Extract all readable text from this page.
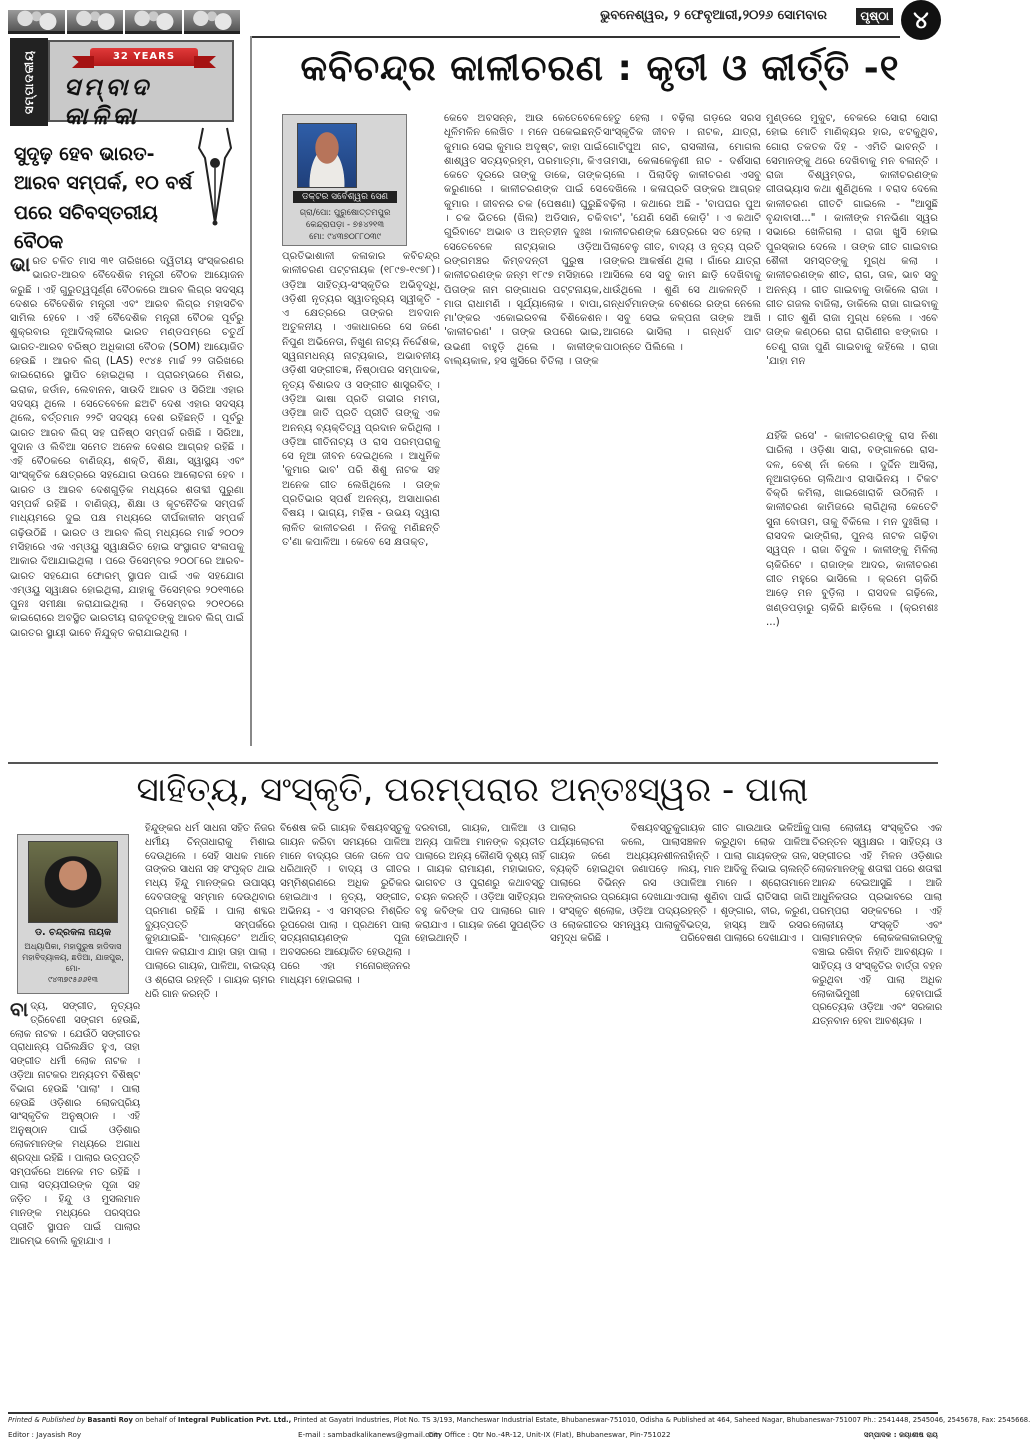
ସମ୍ପାଦକୀୟ	32 YEARS
ସମ୍ବାଦ କାଳିକା
ଭୁବନେଶ୍ୱର, ୨ ଫେବୃଆରୀ,୨୦୨୬ ସୋମବାର	ପୃଷ୍ଠା	୪
ସୁଦୃଢ଼ ହେବ ଭାରତ-ଆରବ ସମ୍ପର୍କ, ୧୦ ବର୍ଷ ପରେ ସଚିବସ୍ତରୀୟ ବୈଠକ
ଭାରତ ଚଳିତ ମାସ ୩୧ ତାରିଖରେ ଦ୍ୱିତୀୟ ସଂସ୍କରଣର ଭାରତ-ଆରବ ବୈଦେଶିକ ମନ୍ତ୍ରୀ ବୈଠକ ଆୟୋଜନ କରୁଛି । ଏହି ଗୁରୁତ୍ୱପୂର୍ଣ୍ଣ ବୈଠକରେ ଆରବ ଲିଗ୍ର ସଦସ୍ୟ ଦେଶର ବୈଦେଶିକ ମନ୍ତ୍ରୀ ଏବଂ ଆରବ ଲିଗ୍ର ମହାସଚିବ ସାମିଲ ହେବେ । ଏହି ବୈଦେଶିକ ମନ୍ତ୍ରୀ ବୈଠକ ପୂର୍ବରୁ ଶୁକ୍ରବାର ନୂଆଦିଲ୍ଲୀର ଭାରତ ମଣ୍ଡପମ୍‌ରେ ଚତୁର୍ଥ ଭାରତ-ଆରବ ବରିଷ୍ଠ ଅଧିକାରୀ ବୈଠକ (SOM) ଆୟୋଜିତ ହେଉଛି । ଆରବ ଲିଗ୍ (LAS) ୧୯୪୫ ମାର୍ଚ୍ଚ ୨୨ ତାରିଖରେ କାଇରୋରେ ସ୍ଥାପିତ ହୋଇଥିଲା । ପ୍ରାରମ୍ଭରେ ମିଶର, ଇରାକ, ଜର୍ଡାନ, ଲେବାନନ, ସାଉଦି ଆରବ ଓ ସିରିଆ ଏହାର ସଦସ୍ୟ ଥିଲେ । ସେତେବେଳେ ଛଅଟି ଦେଶ ଏହାର ସଦସ୍ୟ ଥିଲେ, ବର୍ତ୍ତମାନ ୨୨ଟି ସଦସ୍ୟ ଦେଶ ରହିଛନ୍ତି । ପୂର୍ବରୁ ଭାରତ ଆରବ ଲିଗ୍ ସହ ଘନିଷ୍ଠ ସମ୍ପର୍କ ରଖିଛି । ସିରିଆ, ସୁଦାନ ଓ ଲିବିଆ ସମେତ ଅନେକ ଦେଶର ଆଗ୍ରହ ରହିଛି । ଏହି ବୈଠକରେ ବାଣିଜ୍ୟ, ଶକ୍ତି, ଶିକ୍ଷା, ସ୍ୱାସ୍ଥ୍ୟ ଏବଂ ସାଂସ୍କୃତିକ କ୍ଷେତ୍ରରେ ସହଯୋଗ ଉପରେ ଆଲୋଚନା ହେବ । ଭାରତ ଓ ଆରବ ଦେଶଗୁଡ଼ିକ ମଧ୍ୟରେ ଶତାବ୍ଦୀ ପୁରୁଣା ସମ୍ପର୍କ ରହିଛି । ବାଣିଜ୍ୟ, ଶିକ୍ଷା ଓ କୂଟନୈତିକ ସମ୍ପର୍କ ମାଧ୍ୟମରେ ଦୁଇ ପକ୍ଷ ମଧ୍ୟରେ ଦୀର୍ଘକାଳୀନ ସମ୍ପର୍କ ଗଢ଼ିଉଠିଛି । ଭାରତ ଓ ଆରବ ଲିଗ୍ ମଧ୍ୟରେ ମାର୍ଚ୍ଚ ୨୦୦୨ ମସିହାରେ ଏକ ଏମ୍ଓୟୁ ସ୍ୱାକ୍ଷରିତ ହୋଇ ସଂସ୍ଥାଗତ ସଂଳାପକୁ ଆକାର ଦିଆଯାଇଥିଲା । ପରେ ଡିସେମ୍ବର ୨୦୦୮ରେ ଆରବ-ଭାରତ ସହଯୋଗ ଫୋରମ୍ ସ୍ଥାପନ ପାଇଁ ଏକ ସହଯୋଗ ଏମ୍ଓୟୁ ସ୍ୱାକ୍ଷର ହୋଇଥିଲା, ଯାହାକୁ ଡିସେମ୍ବର ୨୦୧୩ରେ ପୁନଃ ସମୀକ୍ଷା କରାଯାଇଥିଲା । ଡିସେମ୍ବର ୨୦୧୦ରେ କାଇରୋରେ ଅବସ୍ଥିତ ଭାରତୀୟ ରାଜଦୂତଙ୍କୁ ଆରବ ଲିଗ୍ ପାଇଁ ଭାରତର ସ୍ଥାୟୀ ଭାବେ ନିଯୁକ୍ତ କରାଯାଇଥିଲା ।
କବିଚନ୍ଦ୍ର କାଳୀଚରଣ : କୃତୀ ଓ କୀର୍ତ୍ତି -୧
ଡକ୍ଟର ସର୍ବେଶ୍ୱର ସେଣ
ଗ୍ରା/ପୋ: ପୁରୁଷୋତ୍ତମପୁର
କେନ୍ଦ୍ରାପଡ଼ା - ୭୫୪୨୧୩
ମୋ: ୯୪୩୭୦୮୮୦୩୯
ପ୍ରତିଭାଶାଳୀ କଳାକାର କବିଚନ୍ଦ୍ର କାଳୀଚରଣ ପଟ୍ଟନାୟକ (୧୮୯୭-୧୯୭୮)। ଓଡ଼ିଆ ସାହିତ୍ୟ-ସଂସ୍କୃତିର ଅଭିବୃଦ୍ଧି, ଓଡ଼ିଶୀ ନୃତ୍ୟର ସ୍ୱାତନ୍ତ୍ର୍ୟ ସ୍ୱୀକୃତି - ଏ କ୍ଷେତ୍ରରେ ତାଙ୍କର ଅବଦାନ ଅତୁଳନୀୟ । ଏକାଧାରରେ ସେ ଜଣେ ନିପୁଣ ଅଭିନେତା, ନିଖୁଣ ନାଟ୍ୟ ନିର୍ଦ୍ଦେଶକ, ସ୍ୱନାମଧନ୍ୟ ନାଟ୍ୟକାର, ଅଭାବନୀୟ ଓଡ଼ିଶୀ ସଙ୍ଗୀତଜ୍ଞ, ନିଷ୍ଠାପର ସମ୍ପାଦକ, ନୃତ୍ୟ ବିଶାରଦ ଓ ସଙ୍ଗୀତ ଶାସ୍ତ୍ରବିତ୍ । ଓଡ଼ିଆ ଭାଷା ପ୍ରତି ଗଭୀର ମମତା, ଓଡ଼ିଆ ଜାତି ପ୍ରତି ପ୍ରୀତି ତାଙ୍କୁ ଏକ ଅନନ୍ୟ ବ୍ୟକ୍ତିତ୍ୱ ପ୍ରଦାନ କରିଥିଲା । ଓଡ଼ିଆ ଗୀତିନାଟ୍ୟ ଓ ରାସ ପରମ୍ପରାକୁ ସେ ନୂଆ ଜୀବନ ଦେଇଥିଲେ । ଆଧୁନିକ 'କୁମାର ଭାବ' ପରି ଶିଶୁ ନାଟକ ସହ ଅନେକ ଗୀତ ଲେଖିଥିଲେ । ତାଙ୍କ ପ୍ରତିଭାର ସ୍ପର୍ଶ ଅନନ୍ୟ, ଅସାଧାରଣ ବିଷୟ । ଭାଗ୍ୟ, ମହିଷ - ଉଭୟ ଦ୍ୱାରା ଲାଳିତ କାଳୀଚରଣ । ନିଜକୁ ମଣିଛନ୍ତି ତ'ଣା କପାଳିଆ । କେବେ ସେ କ୍ଷତାକ୍ତ,
କେବେ ଅବସନ୍ନ, ଆଉ କେତେବେଳେ ଧୂଳିମଳିନ ଲେଖିତ । ମନେ ପକେଇଛନ୍ତି କୁମାର ସେଇ କୁମାର ଅଦୃଷ୍ଟ, କାହା ପାଇଁ ଶାଶ୍ୱତ ସତ୍ୟବ୍ରହ୍ମ, ପରମାତ୍ମା, କିଏ କେତେ ଦୂରରେ ତାଙ୍କୁ ଡାକେ, ତାଙ୍କ କରୁଣାରେ । କାଳୀଚରଣଙ୍କ ପାଇଁ ସେ କୁମାର । ଜୀବନର ଚକ (ପେଷଣା) ଘୁରୁଛି । ଚକ ଭିତରେ (ଖିଲ) ଅଡିସାନ, ଚକି ଗୁରିବାଟେ ଅଭାବ ଓ ଅନ୍ତହୀନ ଦୁଃଖ । ସେତେବେଳେ ନାଟ୍ୟକାର ଓଡ଼ିଆ ରଙ୍ଗମଞ୍ଚର କିମ୍ବଦନ୍ତୀ ପୁରୁଷ । କାଳୀଚରଣଙ୍କ ଜନ୍ମ ୧୮୯୭ ମସିହାରେ । ପିତାଙ୍କ ନାମ ଗଙ୍ଗାଧର ପଟ୍ଟନାୟକ, ମାତା ରାଧାମଣି । ସୂର୍ଯ୍ୟାଲୋକ । ବାପା, ମା'ଙ୍କର ଏକୋଇରବଳା ବିଶିକେଶନ 'କାଳୀଚରଣ' । ତାଙ୍କ ଉପରେ ଭାଇ, ଉଭଣୀ ବାହୁଡ଼ି ଥିଲେ । କାଳୀଙ୍କ ବାଲ୍ୟକାଳ, ହସ ଖୁସିରେ ବିତିଲା । ତାଙ୍କ
ହେତୁ ହେଲା । ବଢ଼ିଲା ଗଡ଼ରେ ସରସ ସାଂସ୍କୃତିକ ଜୀବନ । ନାଟକ, ଯାତ୍ରା, ଗୋଟିପୁଅ ନାଚ, ରାସଲୀଳା, ମୋଗଲ ତାମସା, କେଳାକେଳୁଣୀ ନାଚ - ଦର୍ଶସାରା ଚାଲେ । ପିଲାଦିନୁ କାଳୀଚରଣ ଏସବୁ ଦେଖିଲେ । କଳାପ୍ରତି ତାଙ୍କର ଆଗ୍ରହ ବଢ଼ିଲା । କଥାରେ ଅଛି - 'ବାପଘର ପୁଅ ବାଟ', 'ଯେଣି ସେଣି କୋଡ଼ି' । ଏ କଥାଟି କାଳୀଚରଣଙ୍କ କ୍ଷେତ୍ରରେ ସତ ହେଲା । ପିଲାବେଳୁ ଗୀତ, ବାଦ୍ୟ ଓ ନୃତ୍ୟ ପ୍ରତି ତାଙ୍କର ଆକର୍ଷଣ ଥିଲା । ଗାଁରେ ଯାତ୍ରା ଆସିଲେ ସେ ସବୁ କାମ ଛାଡ଼ି ଦେଖିବାକୁ ଧାଉଁଥିଲେ । ଶୁଣି ସେ ଥାକଳନ୍ତି । ଗନ୍ଧର୍ବମାନଙ୍କ ବେଶରେ ରଙ୍ଗ ନେଲେ । ସବୁ ସେଇ କଳ୍ପନା ତାଙ୍କ ଆଖି ଆଗରେ ଭାସିଲା । ଗନ୍ଧର୍ବ ପାଟ ପାଠାନ୍ତେ ପିଲିଲେ ।
ମୁଣ୍ଡରେ ମୁକୁଟ, ବେକରେ ସୋରା ସୋରା ହୋଇ ମୋତି ମାଣିକ୍ୟର ହାର, ଝଟକୁଥିବ, ଗୋରା ତକତକ ଦିହ - ଏମିତି ଭାବନ୍ତି । ସେମାନଙ୍କୁ ଥରେ ଦେଖିବାକୁ ମନ ବଳାନ୍ତି । ରାଜା ବିଶ୍ୱମ୍ବର, କାଳୀଚରଣଙ୍କ ଗୀତାଭ୍ୟାସ କଥା ଶୁଣିଥିଲେ । ବରାଦ ଦେଲେ କାଳୀଚରଣ ଗୀତଟି ଗାଇଲେ - "ଆସୁଛି ବୃନ୍ଦାବାସୀ..." । କାଳୀଙ୍କ ମନଭିଣା ସ୍ୱର ସଭାରେ ଖେଳିଗଲା । ରାଜା ଖୁସି ହୋଇ ପୁରସ୍କାର ଦେଲେ । ତାଙ୍କ ଗୀତ ଗାଇବାର ଶୈଳୀ ସମସ୍ତଙ୍କୁ ମୁଗ୍ଧ କଲା । କାଳୀଚରଣଙ୍କ ଶୀତ, ରାଗ, ତାଳ, ଭାବ ସବୁ ଅନନ୍ୟ । ଗୀତ ଗାଇବାକୁ ଡାକିଲେ ରାଜା । ଗୀତ ଗଜଲ ବାଜିଲା, ଡାକିଲେ ରାଜା ଗାଇବାକୁ । ଗୀତ ଶୁଣି ରାଜା ମୁଗ୍ଧ ହେଲେ । ଏବେ ତାଙ୍କ କଣ୍ଠରେ ରାଗ ରାଗିଣୀର ଝଙ୍କାର । ତେଣୁ ରାଜା ପୁଣି ଗାଇବାକୁ କହିଲେ । ରାଜା 'ଯାହା ମନ
ଯହିଁକି ରସେ' - କାଳୀଚରଣଙ୍କୁ ରାସ ନିଶା ଘାରିଲା । ଓଡ଼ିଶା ସାରା, ବଙ୍ଗାଳରେ ରାସ-ଦଳ, ବେଶ୍ ନାଁ କଲେ । ଦୁର୍ଦ୍ଦିନ ଆସିଲା, ନୂଆଗଡ଼ରେ ଚାଲିଥାଏ ରାସାଭିନୟ । ଟିକଟ ବିକ୍ରି କମିଲା, ଖାଇଖୋରାକି ଉଠିଲାନି । କାଳୀଚରଣ କାମିଜରେ ଲାଗିଥିଲା କେତେଟି ସୁନା ବୋତାମ, ତାକୁ ବିକିଲେ । ମନ ଦୁଃଖିଲା । ରାସଦଳ ଭାଙ୍ଗିଲା, ପୁନଶ୍ଚ ନାଟକ ଗଢ଼ିବା ସ୍ୱପ୍ନ । ରାଜା ବିଦୁଳ । କାଳୀଙ୍କୁ ମିଳିଲା ଚାକିରିଟେ । ରାଜାଙ୍କ ଆଦର, କାଳୀଚରଣ ଗୀତ ମହୁରେ ଭାସିଲେ । କ୍ରମେ ଚାକିରି ଆଡ଼େ ମନ ବୁଡ଼ିଲା । ରାସଦଳ ଗଢ଼ିଲେ, ଖଣ୍ଡପଡ଼ାରୁ ଚାକିରି ଛାଡ଼ିଲେ । (କ୍ରମଶଃ ...)
ସାହିତ୍ୟ, ସଂସ୍କୃତି, ପରମ୍ପରାର ଅନ୍ତଃସ୍ୱର - ପାଲା
ଡ. ଚନ୍ଦ୍ରକଳା ନାୟକ
ଅଧ୍ୟାପିକା, ମହାପୁରୁଷ ହାଡିଦାସ ମହାବିଦ୍ୟାଳୟ, ଛଡିଆ, ଯାଜପୁର, ମୋ-
୯୪୩୭୯୫୬୬୧୩
ବାଦ୍ୟ, ସଙ୍ଗୀତ, ନୃତ୍ୟର ତ୍ରିବେଣୀ ସଙ୍ଗମ ହେଉଛି, ଲୋକ ନାଟକ । ଯେଉଁଠି ସଙ୍ଗୀତର ପ୍ରାଧାନ୍ୟ ପରିଲକ୍ଷିତ ହୁଏ, ତାହା ସଙ୍ଗୀତ ଧର୍ମୀ ଲୋକ ନାଟକ । ଓଡ଼ିଆ ନାଟକର ଅନ୍ୟତମ ବିଶିଷ୍ଟ ବିଭାଗ ହେଉଛି 'ପାଲା' । ପାଲା ହେଉଛି ଓଡ଼ିଶାର ଲୋକପ୍ରିୟ ସାଂସ୍କୃତିକ ଅନୁଷ୍ଠାନ । ଏହି ଅନୁଷ୍ଠାନ ପାଇଁ ଓଡ଼ିଶାର ଲୋକମାନଙ୍କ ମଧ୍ୟରେ ଅଗାଧ ଶ୍ରଦ୍ଧା ରହିଛି । ପାଲାର ଉତ୍ପତ୍ତି ସମ୍ପର୍କରେ ଅନେକ ମତ ରହିଛି । ପାଲା ସତ୍ୟପୀରଙ୍କ ପୂଜା ସହ ଜଡ଼ିତ । ହିନ୍ଦୁ ଓ ମୁସଲମାନ ମାନଙ୍କ ମଧ୍ୟରେ ପରସ୍ପର ପ୍ରୀତି ସ୍ଥାପନ ପାଇଁ ପାଲାର ଆରମ୍ଭ ବୋଲି କୁହାଯାଏ ।
ହିନ୍ଦୁଙ୍କର ଧର୍ମ ସାଧନା ସହିତ ନିଜର ଧର୍ମୀୟ ଚିନ୍ତାଧାରାକୁ ମିଶାଇ ଦେଉଥିଲେ । ସେହି ସାଧକ ମାନେ ତାଙ୍କର ସାଧନା ସହ ସଂପୃକ୍ତ ଥାଇ ମଧ୍ୟ ହିନ୍ଦୁ ମାନଙ୍କର ଉପାସ୍ୟ ଦେବତାଙ୍କୁ ସମ୍ମାନ ଦେଉଥିବାର ପ୍ରମାଣ ରହିଛି । ପାଲା ଶବ୍ଦର ବ୍ୟୁତ୍ପତ୍ତି ସମ୍ପର୍କରେ କୁହାଯାଇଛି- 'ପାଳ୍ୟତେ' ଅର୍ଥାତ୍ ପାଳନ କରାଯାଏ ଯାହା ତାହା ପାଲା । ପାଲାରେ ଗାୟକ, ପାଳିଆ, ବାଇଦ୍ୟ ଓ ଶ୍ରୋତା ରହନ୍ତି । ଗାୟକ ଚାମର ଧରି ଗାନ କରନ୍ତି ।
ବିଶେଷ କରି ଗାୟକ ବିଷୟବସ୍ତୁକୁ ଗାୟନ କରିବା ସମୟରେ ପାଳିଆ ମାନେ ବାଦ୍ୟର ତାଳେ ତାଳେ ପଦ ଧରିଥାନ୍ତି । ବାଦ୍ୟ ଓ ଗୀତର ସମ୍ମିଶ୍ରଣରେ ଅଧିକ ରୁଚିକର ହୋଇଥାଏ । ନୃତ୍ୟ, ସଙ୍ଗୀତ, ଅଭିନୟ - ଏ ସମସ୍ତର ମିଶ୍ରିତ ରୂପରେଖ ପାଲା । ପ୍ରଥମେ ପାଲା ସତ୍ୟନାରାୟଣଙ୍କ ପୂଜା ଅବସରରେ ଆୟୋଜିତ ହେଉଥିଲା । ପରେ ଏହା ମନୋରଞ୍ଜନର ମାଧ୍ୟମ ହୋଇଗଲା ।
ଦରବାରୀ, ଗାୟକ, ପାଳିଆ ଓ ଅନ୍ୟ ପାଳିଆ ମାନଙ୍କ ବ୍ୟତୀତ ପାଲାରେ ଅନ୍ୟ କୌଣସି ଦୃଶ୍ୟ ନାହିଁ । ଗାୟକ ରାମାୟଣ, ମହାଭାରତ, ଭାଗବତ ଓ ପୁରାଣରୁ କଥାବସ୍ତୁ ଚୟନ କରନ୍ତି । ଓଡ଼ିଆ ସାହିତ୍ୟର ବହୁ କବିଙ୍କ ପଦ ପାଲାରେ ଗାନ କରାଯାଏ । ଗାୟକ ଜଣେ ସୁପଣ୍ଡିତ ହୋଇଥାନ୍ତି ।
ପାଲାର ବିଷୟବସ୍ତୁକୁ ପର୍ଯ୍ୟାଲୋଚନା କଲେ, ପାଲା ଗାୟକ ଜଣେ ଅଧ୍ୟୟନଶୀଳ ବ୍ୟକ୍ତି ହୋଇଥିବା ଜଣାପଡ଼େ । ପାଲାରେ ବିଭିନ୍ନ ରସ ଓ ଅଳଙ୍କାରର ପ୍ରୟୋଗ ଦେଖାଯାଏ । ସଂସ୍କୃତ ଶ୍ଲୋକ, ଓଡ଼ିଆ ପଦ୍ୟ ଓ ଲୋକଗୀତର ସମନ୍ୱୟ ପାଲାକୁ ସମୃଦ୍ଧ କରିଛି ।
ଗାୟକ ଗୀତ ଗାଉଥାଉ ଭଳିଆଁକୁ ସଞ୍ଚଳନ କରୁଥିବା ଲୋକ ପାଳିଆ ନାହାଁନ୍ତି । ପାଲା ଗାୟକଙ୍କ ତାଳ, ଲୟ, ମାନ ଆଦିକୁ ନିଭାଇ ଚାଲନ୍ତି ପାଳିଆ ମାନେ । ଶ୍ରୋତାମାନେ ପାଲା ଶୁଣିବା ପାଇଁ ରାତିସାରା ଜାଗି ରହନ୍ତି । ଶୃଙ୍ଗାର, ବୀର, କରୁଣ, ବିଭତ୍ସ, ହାସ୍ୟ ଆଦି ରସର ପରିବେଷଣ ପାଲାରେ ଦେଖାଯାଏ ।
ପାଲା ଲୋକୀୟ ସଂସ୍କୃତିର ଏକ ଚିରନ୍ତନ ସ୍ୱାକ୍ଷର । ସାହିତ୍ୟ ଓ ସଙ୍ଗୀତର ଏହି ମିଳନ ଓଡ଼ିଶାର ଲୋକମାନଙ୍କୁ ଶତାବ୍ଦୀ ପରେ ଶତାବ୍ଦୀ ଆନନ୍ଦ ଦେଇଆସୁଛି । ଆଜି ଆଧୁନିକତାର ପ୍ରଭାବରେ ପାଲା ପରମ୍ପରା ସଙ୍କଟରେ । ଏହି ଲୋକୀୟ ସଂସ୍କୃତି ଏବଂ ପାଲାମାନଙ୍କ ଲୋକକଳାକାରଙ୍କୁ ବଞ୍ଚାଇ ରଖିବା ନିହାତି ଆବଶ୍ୟକ । ସାହିତ୍ୟ ଓ ସଂସ୍କୃତିର ବାର୍ତ୍ତା ବହନ କରୁଥିବା ଏହି ପାଲା ଅଧିକ ଲୋକାଭିମୁଖୀ ହେବାପାଇଁ ପ୍ରତ୍ୟେକ ଓଡ଼ିଆ ଏବଂ ସରକାର ଯତ୍ନବାନ ହେବା ଆବଶ୍ୟକ ।
Printed & Published by Basanti Roy on behalf of Integral Publication Pvt. Ltd., Printed at Gayatri Industries, Plot No. TS 3/193, Mancheswar Industrial Estate, Bhubaneswar-751010, Odisha & Published at 464, Saheed Nagar, Bhubaneswar-751007 Ph.: 2541448, 2545046, 2545678, Fax: 2545668.
Editor : Jayasish Roy	E-mail : sambadkalikanews@gmail.com
City Office : Qtr No.-4R-12, Unit-IX (Flat), Bhubaneswar, Pin-751022	ସମ୍ପାଦକ : ଜୟାଶୀଷ ରାୟ
